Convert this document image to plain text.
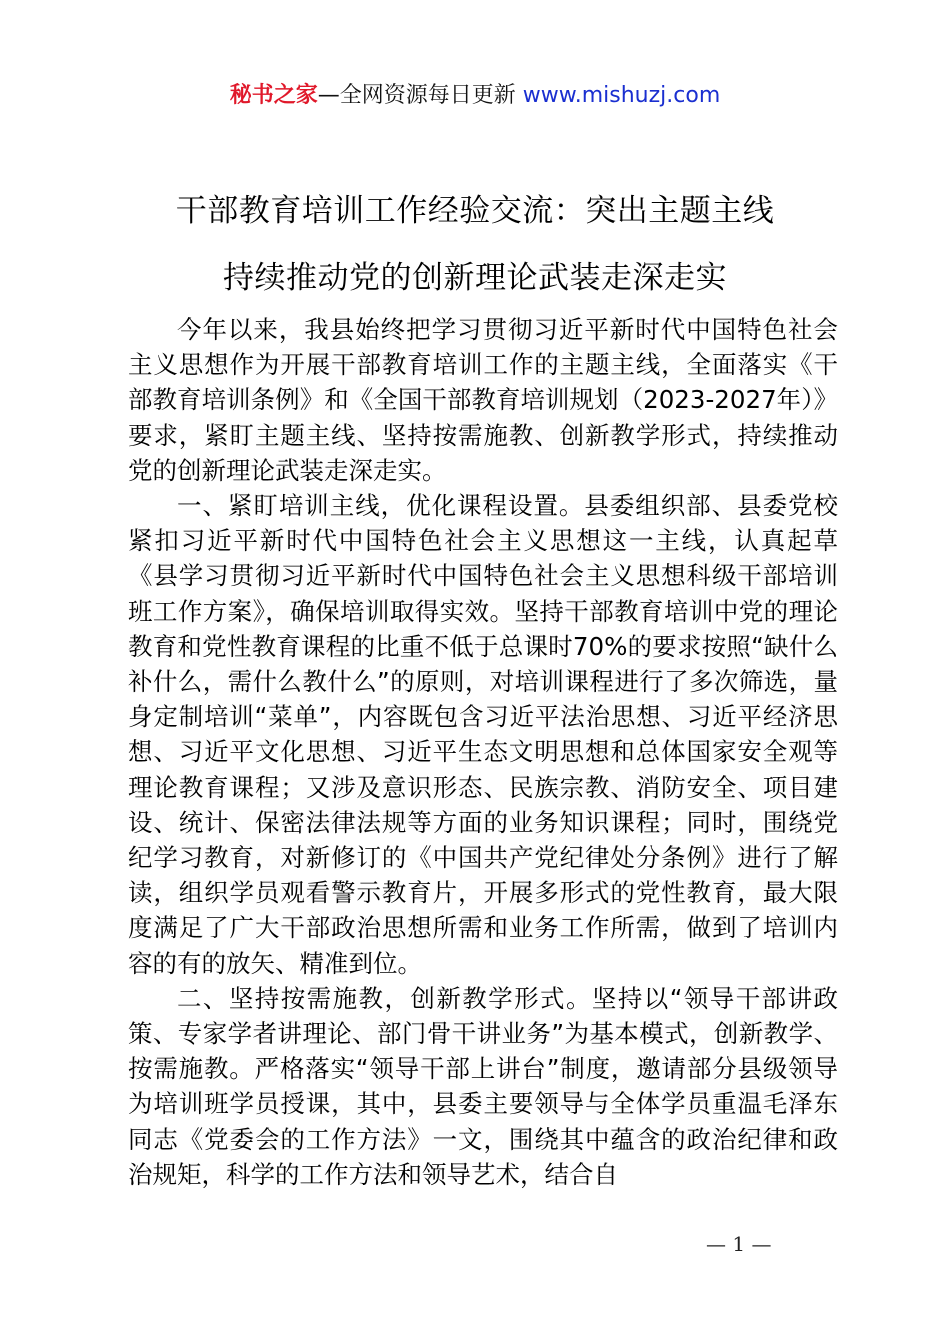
秘书之家—全网资源每日更新 www.mishuzj.com
干部教育培训工作经验交流：突出主题主线
持续推动党的创新理论武装走深走实

今年以来，我县始终把学习贯彻习近平新时代中国特色社会主义思想作为开展干部教育培训工作的主题主线，全面落实《干部教育培训条例》和《全国干部教育培训规划（2023-2027年）》要求，紧盯主题主线、坚持按需施教、创新教学形式，持续推动党的创新理论武装走深走实。

一、紧盯培训主线，优化课程设置。县委组织部、县委党校紧扣习近平新时代中国特色社会主义思想这一主线，认真起草《县学习贯彻习近平新时代中国特色社会主义思想科级干部培训班工作方案》，确保培训取得实效。坚持干部教育培训中党的理论教育和党性教育课程的比重不低于总课时70%的要求按照“缺什么补什么，需什么教什么”的原则，对培训课程进行了多次筛选，量身定制培训“菜单”，内容既包含习近平法治思想、习近平经济思想、习近平文化思想、习近平生态文明思想和总体国家安全观等理论教育课程；又涉及意识形态、民族宗教、消防安全、项目建设、统计、保密法律法规等方面的业务知识课程；同时，围绕党纪学习教育，对新修订的《中国共产党纪律处分条例》进行了解读，组织学员观看警示教育片，开展多形式的党性教育，最大限度满足了广大干部政治思想所需和业务工作所需，做到了培训内容的有的放矢、精准到位。

二、坚持按需施教，创新教学形式。坚持以“领导干部讲政策、专家学者讲理论、部门骨干讲业务”为基本模式，创新教学、按需施教。严格落实“领导干部上讲台”制度，邀请部分县级领导为培训班学员授课，其中，县委主要领导与全体学员重温毛泽东同志《党委会的工作方法》一文，围绕其中蕴含的政治纪律和政治规矩，科学的工作方法和领导艺术，结合自

— 1 —
